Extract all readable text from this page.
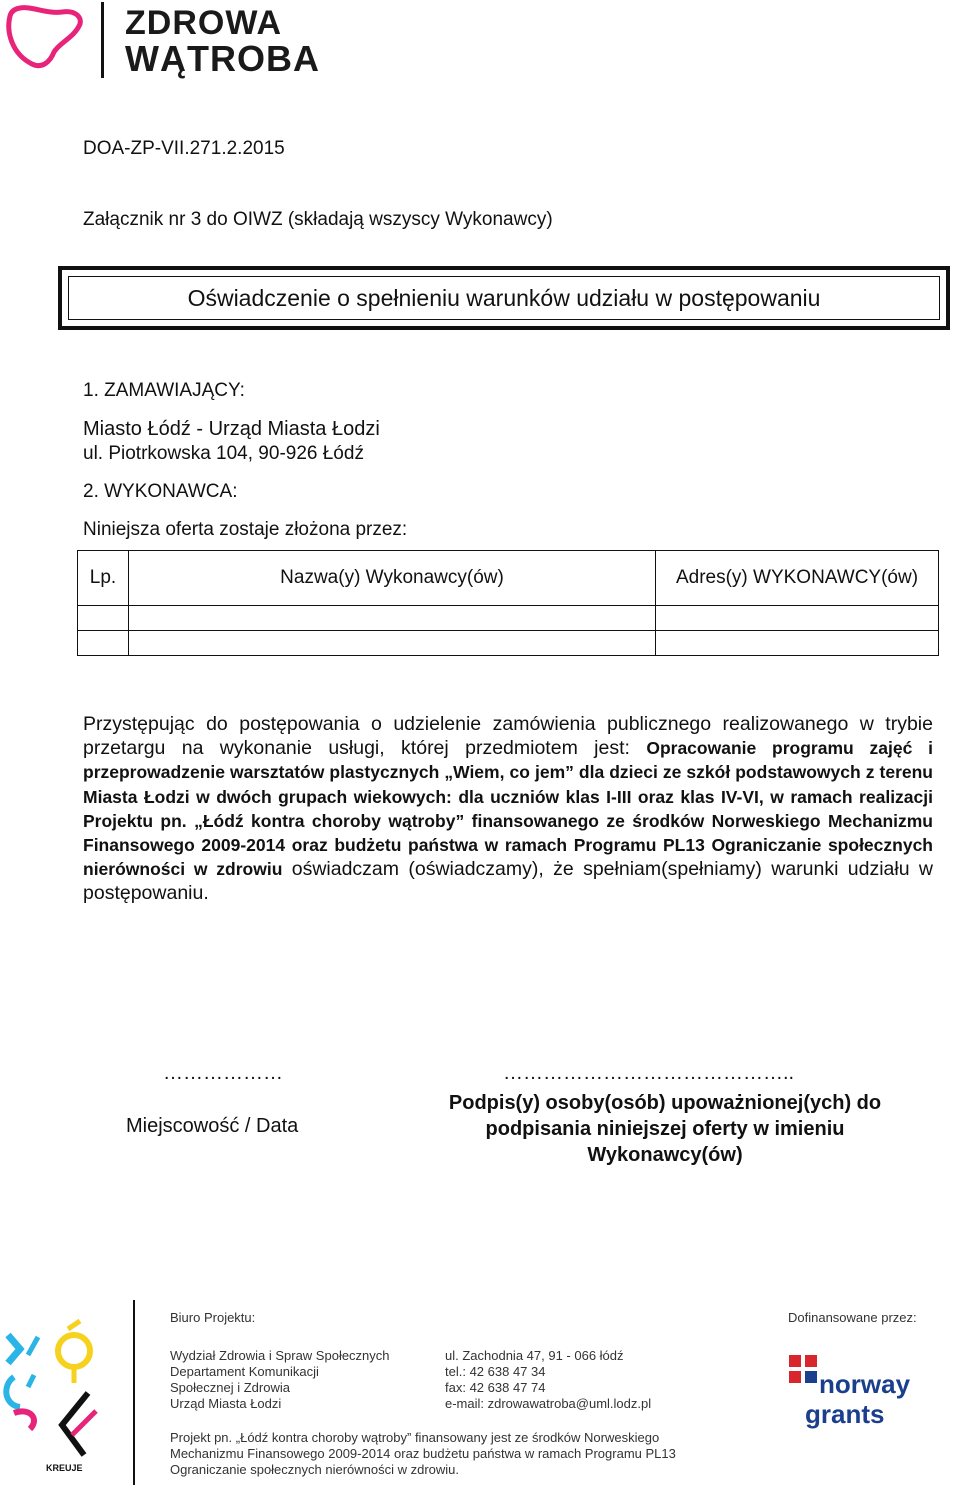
ZDROWA
WĄTROBA
DOA-ZP-VII.271.2.2015
Załącznik nr 3 do OIWZ (składają wszyscy Wykonawcy)
Oświadczenie o spełnieniu warunków udziału w postępowaniu
1. ZAMAWIAJĄCY:
Miasto Łódź - Urząd Miasta Łodzi
ul. Piotrkowska 104, 90-926 Łódź
2. WYKONAWCA:
Niniejsza oferta zostaje złożona przez:
Lp.	Nazwa(y) Wykonawcy(ów)	Adres(y) WYKONAWCY(ów)

Przystępując do postępowania o udzielenie zamówienia publicznego realizowanego w trybie przetargu na wykonanie usługi, której przedmiotem jest: Opracowanie programu zajęć i przeprowadzenie warsztatów plastycznych „Wiem, co jem” dla dzieci ze szkół podstawowych z terenu Miasta Łodzi w dwóch grupach wiekowych: dla uczniów klas I-III oraz klas IV-VI, w ramach realizacji Projektu pn. „Łódź kontra choroby wątroby” finansowanego ze środków Norweskiego Mechanizmu Finansowego 2009-2014 oraz budżetu państwa w ramach Programu PL13 Ograniczanie społecznych nierówności w zdrowiu oświadczam (oświadczamy), że spełniam(spełniamy) warunki udziału w postępowaniu.
………………	……………………………………..
Miejscowość / Data
Podpis(y) osoby(osób) upoważnionej(ych) do podpisania niniejszej oferty w imieniu Wykonawcy(ów)
KREUJE
Biuro Projektu:
Wydział Zdrowia i Spraw Społecznych
Departament Komunikacji
Społecznej i Zdrowia
Urząd Miasta Łodzi
ul. Zachodnia 47, 91 - 066 łódź
tel.: 42 638 47 34
fax: 42 638 47 74
e-mail: zdrowawatroba@uml.lodz.pl
Dofinansowane przez:
norway
grants
Projekt pn. „Łódź kontra choroby wątroby” finansowany jest ze środków Norweskiego
Mechanizmu Finansowego 2009-2014 oraz budżetu państwa w ramach Programu PL13
Ograniczanie społecznych nierówności w zdrowiu.
